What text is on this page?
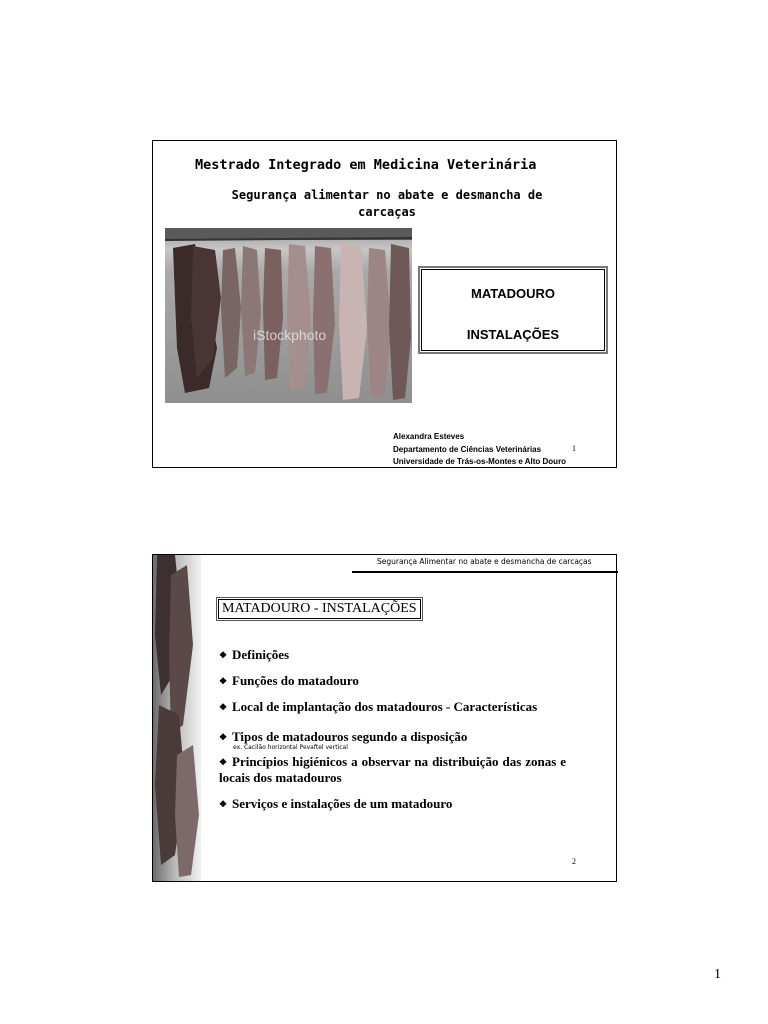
Mestrado Integrado em Medicina Veterinária
Segurança alimentar no abate e desmancha de carcaças
iStockphoto
MATADOURO
INSTALAÇÕES
Alexandra Esteves
Departamento de Ciências Veterinárias
Universidade de Trás-os-Montes e Alto Douro
1
Segurança Alimentar no abate e desmancha de carcaças
MATADOURO - INSTALAÇÕES
❖ Definições
❖ Funções do matadouro
❖ Local de implantação dos matadouros - Características
❖ Tipos de matadouros segundo a disposição
ex. Cacilão horizontal Pevaftel vertical
❖ Princípios higiénicos a observar na distribuição das zonas e locais dos matadouros
❖ Serviços e instalações de um matadouro
2
1
